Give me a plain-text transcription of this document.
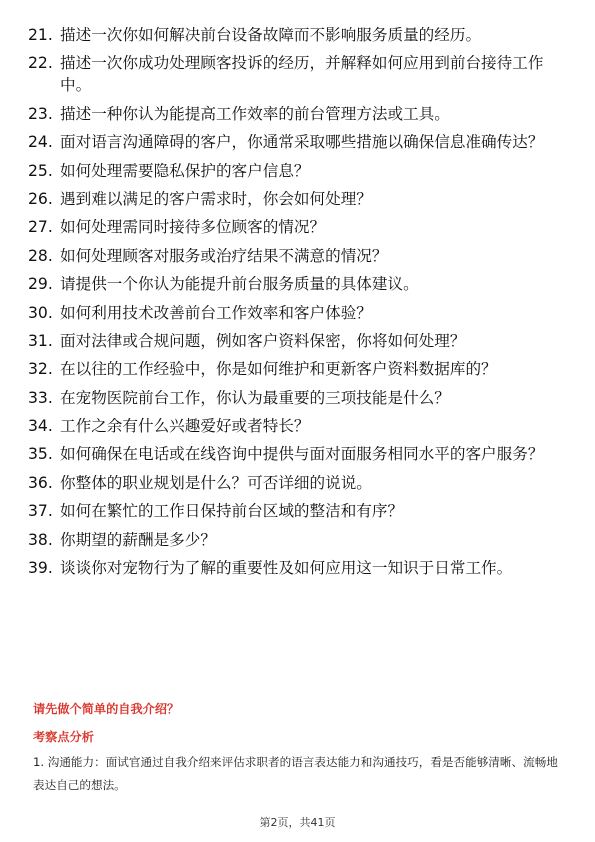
21. 描述一次你如何解决前台设备故障而不影响服务质量的经历。
22. 描述一次你成功处理顾客投诉的经历，并解释如何应用到前台接待工作中。
23. 描述一种你认为能提高工作效率的前台管理方法或工具。
24. 面对语言沟通障碍的客户，你通常采取哪些措施以确保信息准确传达？
25. 如何处理需要隐私保护的客户信息？
26. 遇到难以满足的客户需求时，你会如何处理？
27. 如何处理需同时接待多位顾客的情况？
28. 如何处理顾客对服务或治疗结果不满意的情况？
29. 请提供一个你认为能提升前台服务质量的具体建议。
30. 如何利用技术改善前台工作效率和客户体验？
31. 面对法律或合规问题，例如客户资料保密，你将如何处理？
32. 在以往的工作经验中，你是如何维护和更新客户资料数据库的？
33. 在宠物医院前台工作，你认为最重要的三项技能是什么？
34. 工作之余有什么兴趣爱好或者特长？
35. 如何确保在电话或在线咨询中提供与面对面服务相同水平的客户服务？
36. 你整体的职业规划是什么？可否详细的说说。
37. 如何在繁忙的工作日保持前台区域的整洁和有序？
38. 你期望的薪酬是多少？
39. 谈谈你对宠物行为了解的重要性及如何应用这一知识于日常工作。
请先做个简单的自我介绍？
考察点分析
1. 沟通能力：面试官通过自我介绍来评估求职者的语言表达能力和沟通技巧，看是否能够清晰、流畅地表达自己的想法。
第2页，共41页
